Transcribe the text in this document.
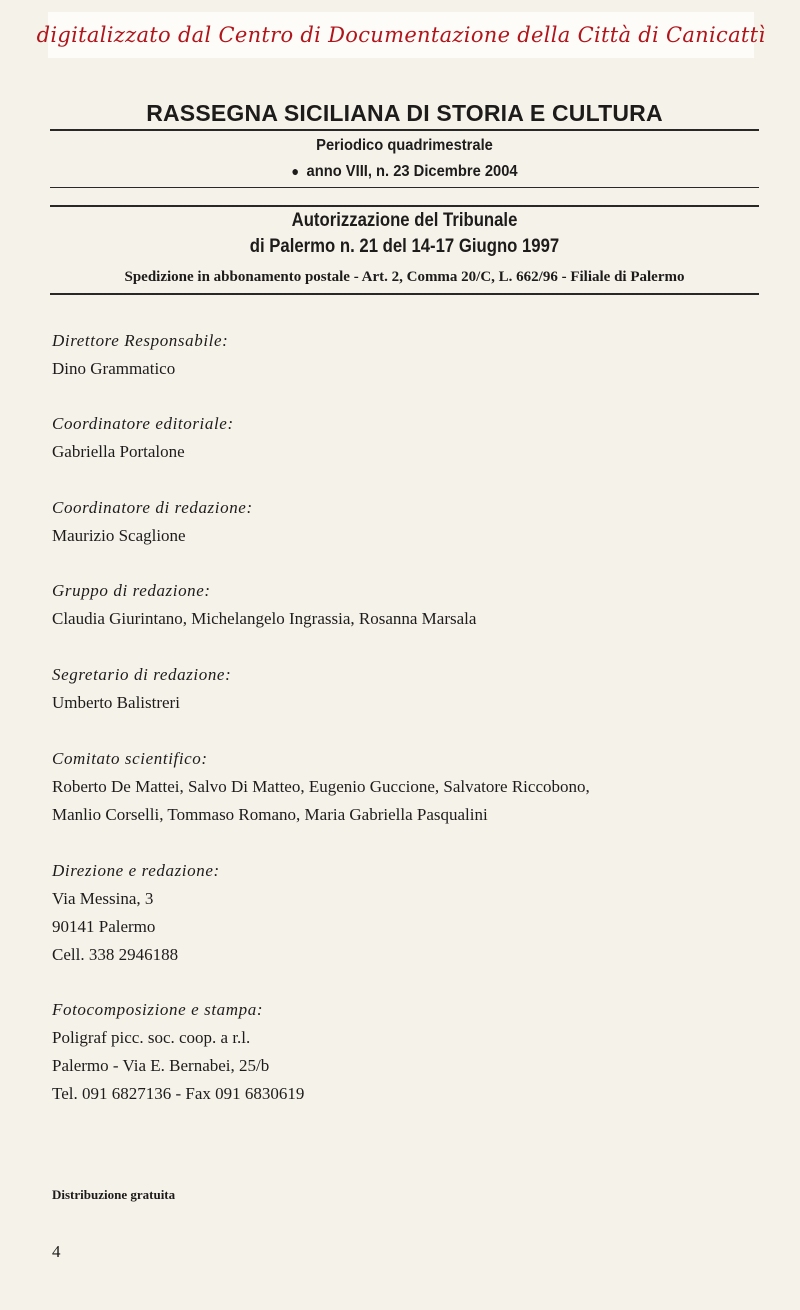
digitalizzato dal Centro di Documentazione della Città di Canicattì
RASSEGNA SICILIANA DI STORIA E CULTURA
Periodico quadrimestrale
● anno VIII, n. 23 Dicembre 2004
Autorizzazione del Tribunale
di Palermo n. 21 del 14-17 Giugno 1997
Spedizione in abbonamento postale - Art. 2, Comma 20/C, L. 662/96 - Filiale di Palermo
Direttore Responsabile:
Dino Grammatico
Coordinatore editoriale:
Gabriella Portalone
Coordinatore di redazione:
Maurizio Scaglione
Gruppo di redazione:
Claudia Giurintano, Michelangelo Ingrassia, Rosanna Marsala
Segretario di redazione:
Umberto Balistreri
Comitato scientifico:
Roberto De Mattei, Salvo Di Matteo, Eugenio Guccione, Salvatore Riccobono,
Manlio Corselli, Tommaso Romano, Maria Gabriella Pasqualini
Direzione e redazione:
Via Messina, 3
90141 Palermo
Cell. 338 2946188
Fotocomposizione e stampa:
Poligraf picc. soc. coop. a r.l.
Palermo - Via E. Bernabei, 25/b
Tel. 091 6827136 - Fax 091 6830619
Distribuzione gratuita
4
